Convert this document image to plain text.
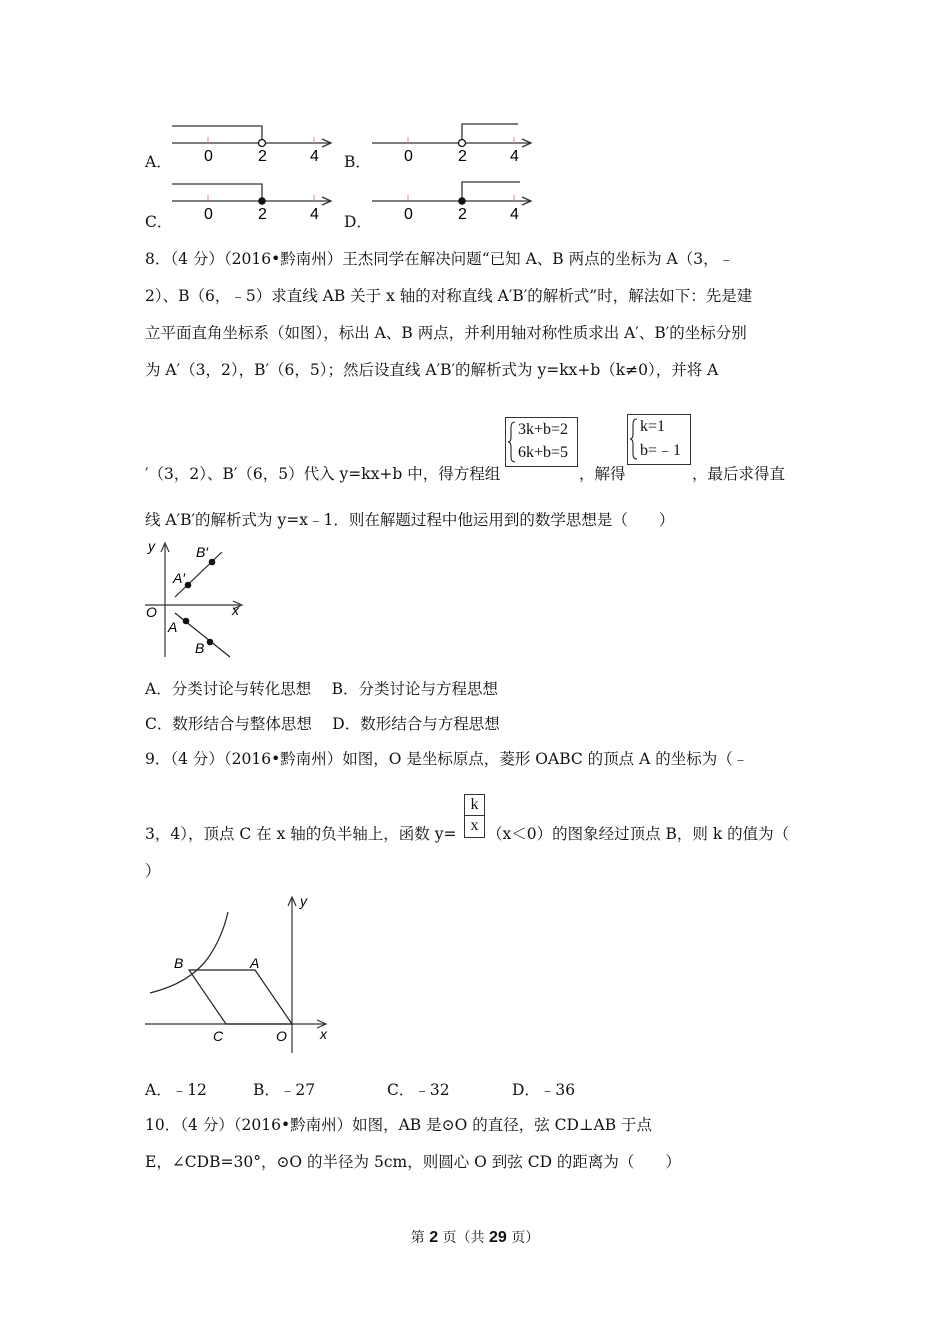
A．	B．
C．	D．
0	2	4	0	2	4
0	2	4	0	2	4
8．（4 分）（2016•黔南州）王杰同学在解决问题“已知 A、B 两点的坐标为 A（3，﹣
2）、B（6，﹣5）求直线 AB 关于 x 轴的对称直线 A′B′的解析式”时，解法如下：先是建
立平面直角坐标系（如图），标出 A、B 两点，并利用轴对称性质求出 A′、B′的坐标分别
为 A′（3，2），B′（6，5）；然后设直线 A′B′的解析式为 y=kx+b（k≠0），并将 A
′（3，2）、B′（6，5）代入 y=kx+b 中，得方程组
3k+b=2
6k+b=5
，解得
k=1
b=﹣1
，最后求得直
线 A′B′的解析式为 y=x﹣1．则在解题过程中他运用到的数学思想是（　　）
y
x
O
A′
B′
A
B
A．分类讨论与转化思想　 B．分类讨论与方程思想
C．数形结合与整体思想　 D．数形结合与方程思想
9．（4 分）（2016•黔南州）如图，O 是坐标原点，菱形 OABC 的顶点 A 的坐标为（﹣
3，4），顶点 C 在 x 轴的负半轴上，函数 $y= \frac{k}{x} (x<0)$的图象经过顶点 B，则 k 的值为（
）
y
x
O
B	A
C
A．﹣12	B．﹣27	C．﹣32	D．﹣36
10．（4 分）（2016•黔南州）如图，AB 是⊙O 的直径，弦 CD⊥AB 于点
E，∠CDB=30°，⊙O 的半径为 5cm，则圆心 O 到弦 CD 的距离为（　　）
第 2 页（共 29 页）
